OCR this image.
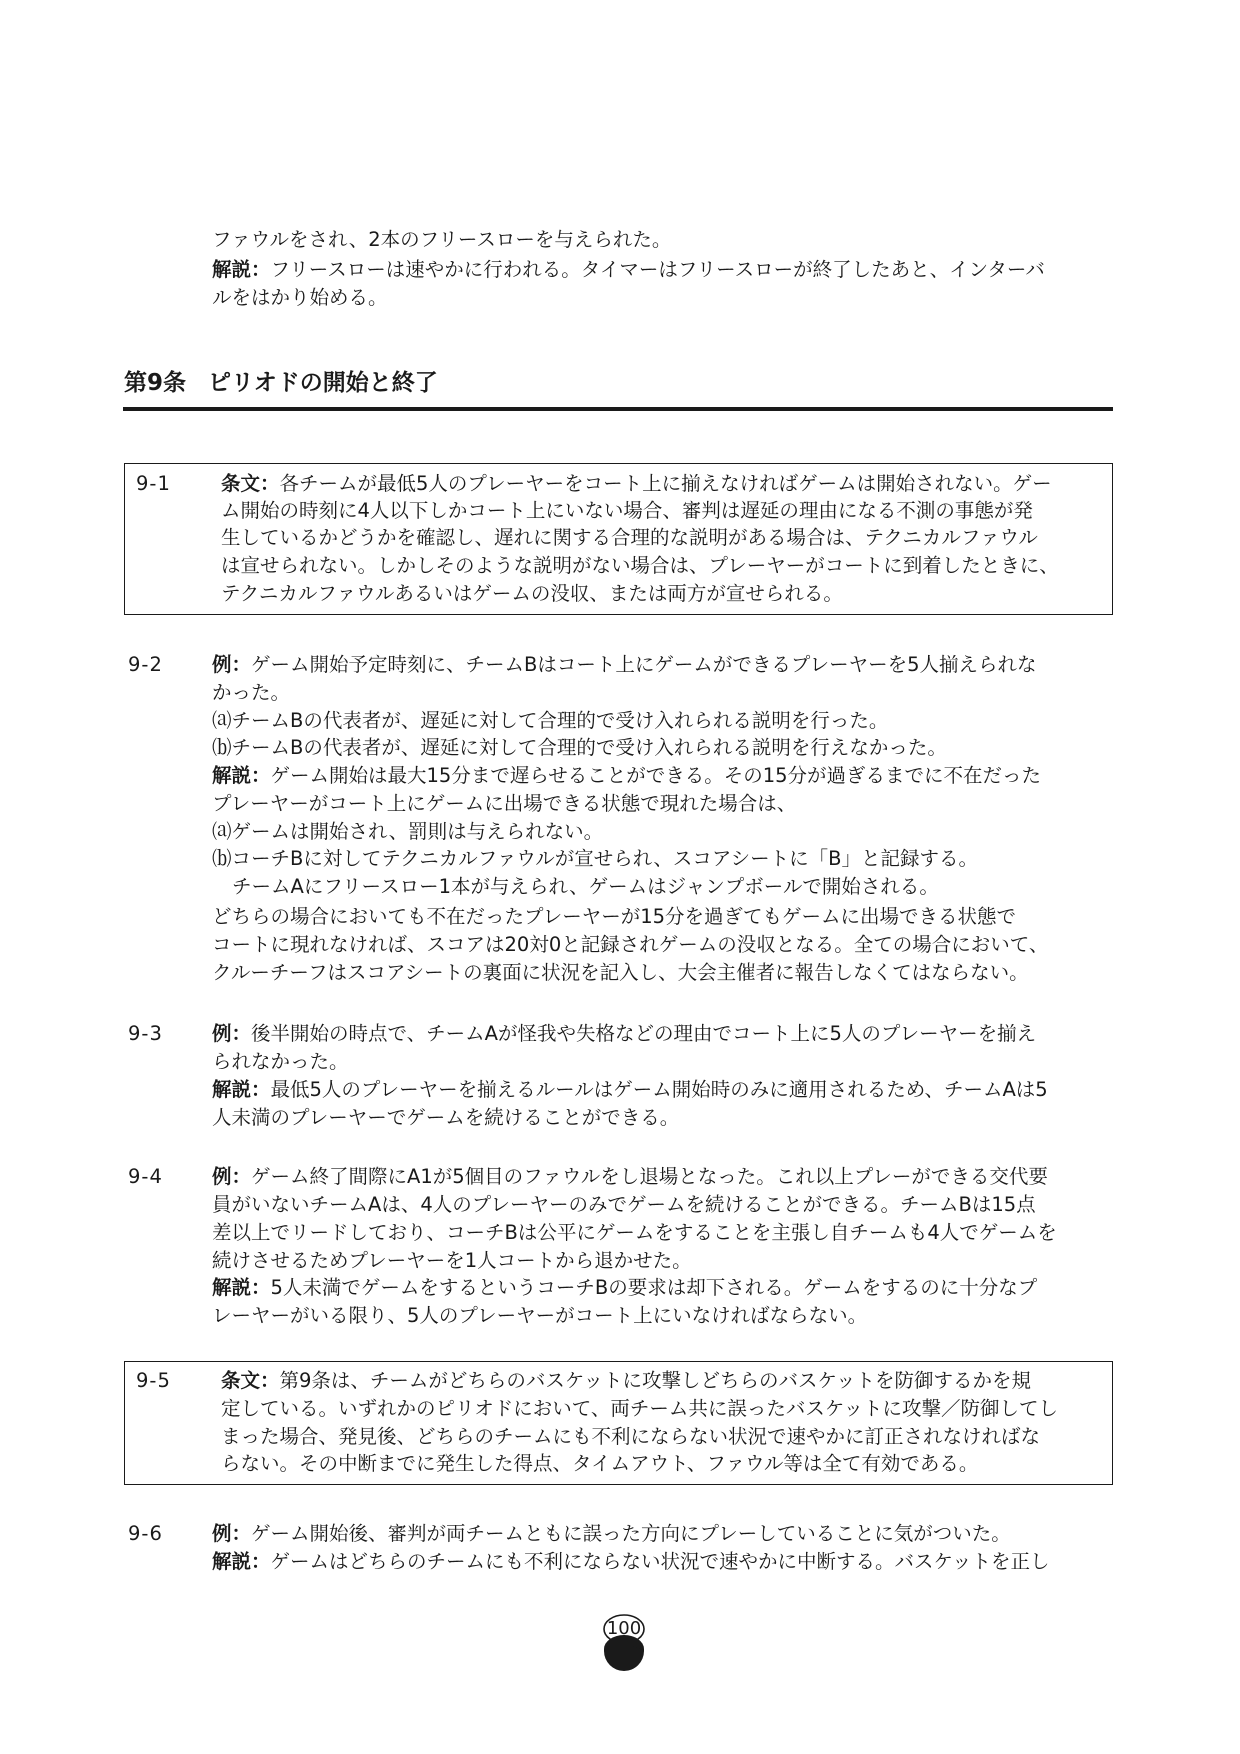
ファウルをされ、2本のフリースローを与えられた。
解説：フリースローは速やかに行われる。タイマーはフリースローが終了したあと、インターバ
ルをはかり始める。
第9条 ピリオドの開始と終了
9-1	条文：各チームが最低5人のプレーヤーをコート上に揃えなければゲームは開始されない。ゲー
ム開始の時刻に4人以下しかコート上にいない場合、審判は遅延の理由になる不測の事態が発
生しているかどうかを確認し、遅れに関する合理的な説明がある場合は、テクニカルファウル
は宣せられない。しかしそのような説明がない場合は、プレーヤーがコートに到着したときに、
テクニカルファウルあるいはゲームの没収、または両方が宣せられる。
9-2	例：ゲーム開始予定時刻に、チームBはコート上にゲームができるプレーヤーを5人揃えられな
かった。
⒜チームBの代表者が、遅延に対して合理的で受け入れられる説明を行った。
⒝チームBの代表者が、遅延に対して合理的で受け入れられる説明を行えなかった。
解説：ゲーム開始は最大15分まで遅らせることができる。その15分が過ぎるまでに不在だった
プレーヤーがコート上にゲームに出場できる状態で現れた場合は、
⒜ゲームは開始され、罰則は与えられない。
⒝コーチBに対してテクニカルファウルが宣せられ、スコアシートに「B」と記録する。
チームAにフリースロー1本が与えられ、ゲームはジャンプボールで開始される。
どちらの場合においても不在だったプレーヤーが15分を過ぎてもゲームに出場できる状態で
コートに現れなければ、スコアは20対0と記録されゲームの没収となる。全ての場合において、
クルーチーフはスコアシートの裏面に状況を記入し、大会主催者に報告しなくてはならない。
9-3	例：後半開始の時点で、チームAが怪我や失格などの理由でコート上に5人のプレーヤーを揃え
られなかった。
解説：最低5人のプレーヤーを揃えるルールはゲーム開始時のみに適用されるため、チームAは5
人未満のプレーヤーでゲームを続けることができる。
9-4	例：ゲーム終了間際にA1が5個目のファウルをし退場となった。これ以上プレーができる交代要
員がいないチームAは、4人のプレーヤーのみでゲームを続けることができる。チームBは15点
差以上でリードしており、コーチBは公平にゲームをすることを主張し自チームも4人でゲームを
続けさせるためプレーヤーを1人コートから退かせた。
解説：5人未満でゲームをするというコーチBの要求は却下される。ゲームをするのに十分なプ
レーヤーがいる限り、5人のプレーヤーがコート上にいなければならない。
9-5	条文：第9条は、チームがどちらのバスケットに攻撃しどちらのバスケットを防御するかを規
定している。いずれかのピリオドにおいて、両チーム共に誤ったバスケットに攻撃／防御してし
まった場合、発見後、どちらのチームにも不利にならない状況で速やかに訂正されなければな
らない。その中断までに発生した得点、タイムアウト、ファウル等は全て有効である。
9-6	例：ゲーム開始後、審判が両チームともに誤った方向にプレーしていることに気がついた。
解説：ゲームはどちらのチームにも不利にならない状況で速やかに中断する。バスケットを正し
100
